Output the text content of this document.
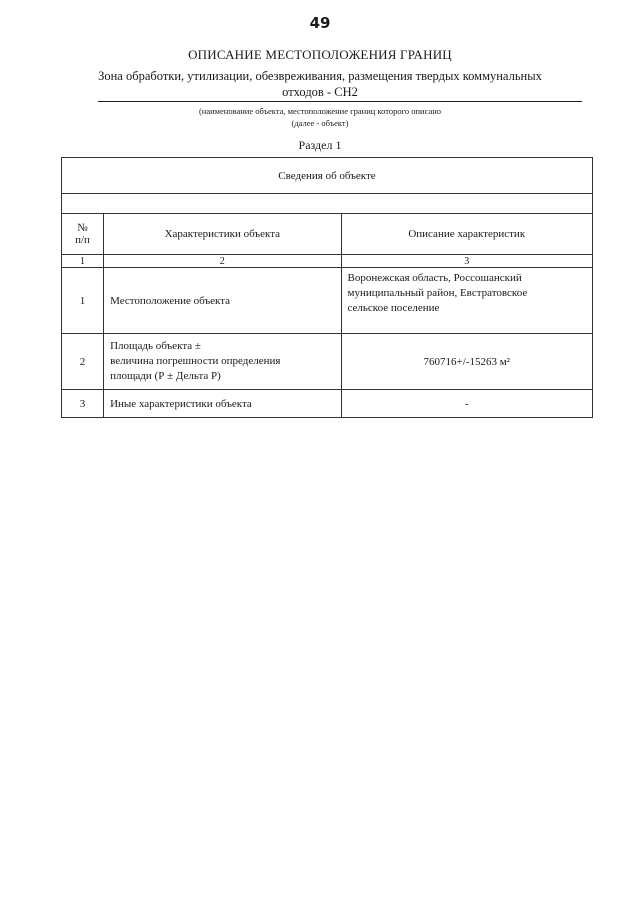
49
ОПИСАНИЕ МЕСТОПОЛОЖЕНИЯ ГРАНИЦ
Зона обработки, утилизации, обезвреживания, размещения твердых коммунальных
отходов - СН2
(наименование объекта, местоположение границ которого описано
(далее - объект)
Раздел 1
Сведения об объекте		

№
п/п	Характеристики объекта	Описание характеристик
1	2	3
1	Местоположение объекта	Воронежская область, Россошанский
муниципальный район, Евстратовское
сельское поселение

2	Площадь объекта ±
величина погрешности определения
площади (Р ± Дельта Р)	760716+/-15263 м²
3	Иные характеристики объекта	-
